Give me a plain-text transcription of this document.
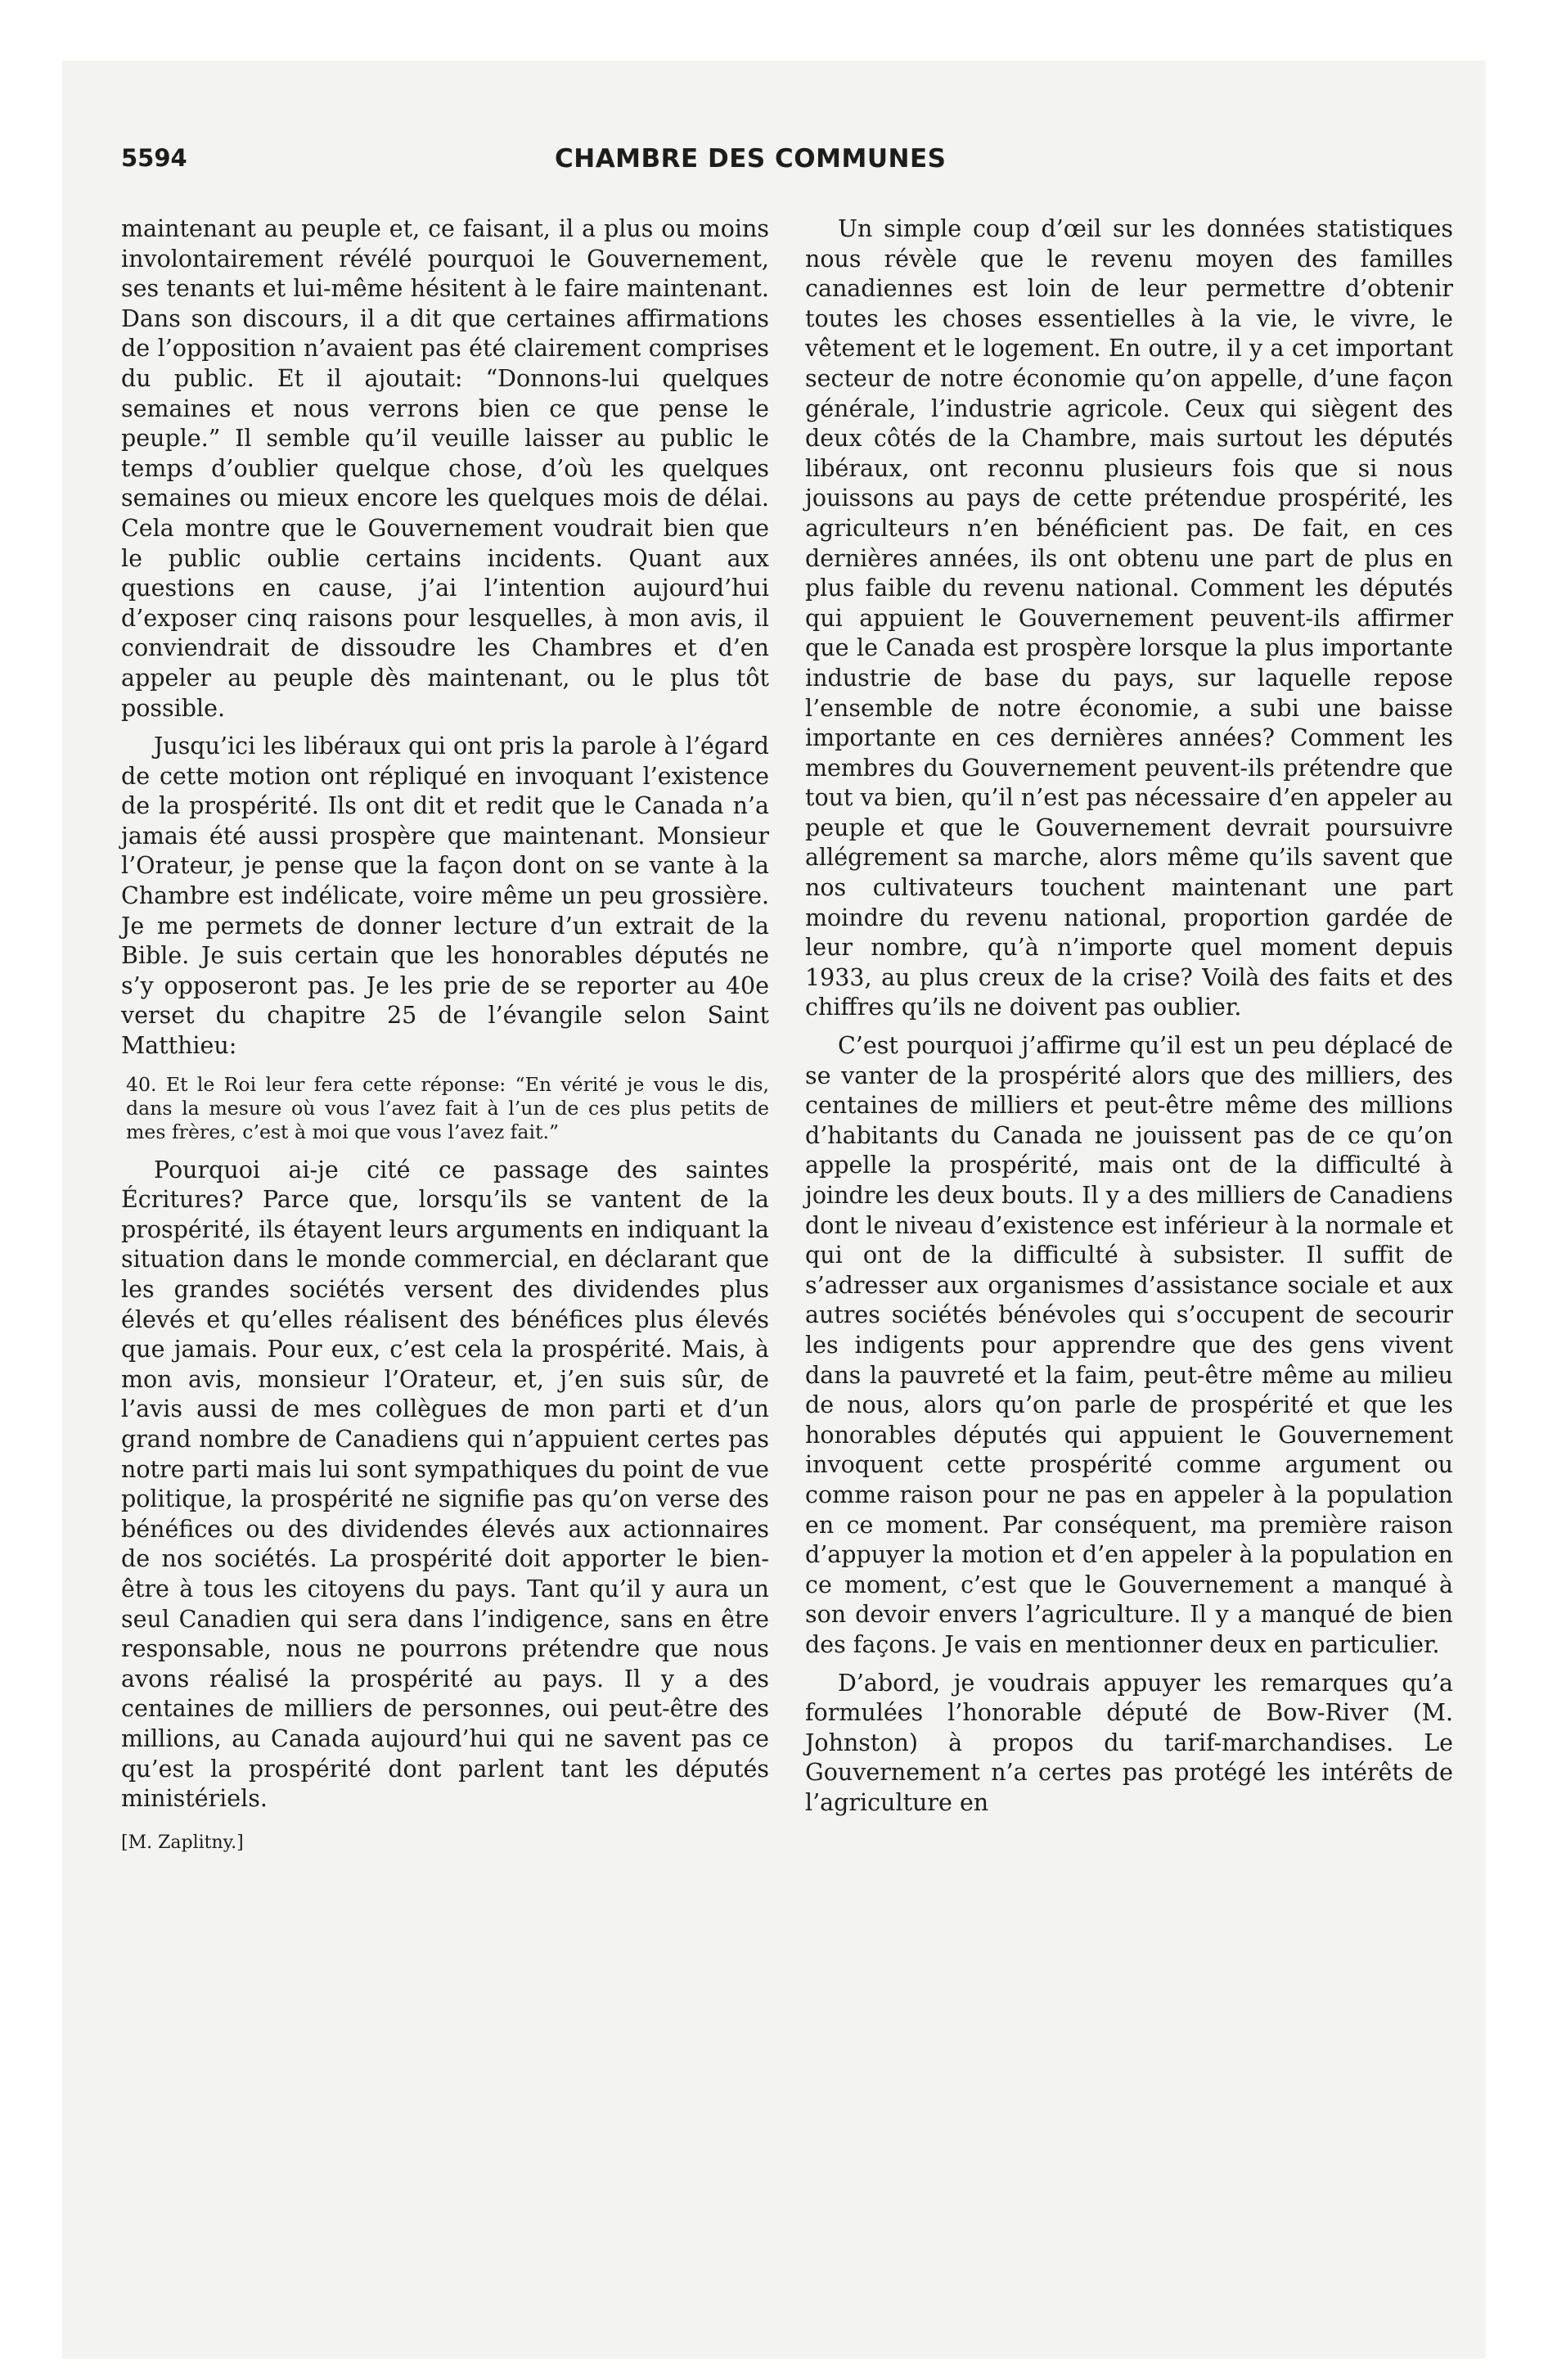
5594	CHAMBRE DES COMMUNES

maintenant au peuple et, ce faisant, il a plus ou moins involontairement révélé pourquoi le Gouvernement, ses tenants et lui-même hésitent à le faire maintenant. Dans son discours, il a dit que certaines affirmations de l’opposition n’avaient pas été clairement comprises du public. Et il ajoutait: “Donnons-lui quelques semaines et nous verrons bien ce que pense le peuple.” Il semble qu’il veuille laisser au public le temps d’oublier quelque chose, d’où les quelques semaines ou mieux encore les quelques mois de délai. Cela montre que le Gouvernement voudrait bien que le public oublie certains incidents. Quant aux questions en cause, j’ai l’intention aujourd’hui d’exposer cinq raisons pour lesquelles, à mon avis, il conviendrait de dissoudre les Chambres et d’en appeler au peuple dès maintenant, ou le plus tôt possible.

Jusqu’ici les libéraux qui ont pris la parole à l’égard de cette motion ont répliqué en invoquant l’existence de la prospérité. Ils ont dit et redit que le Canada n’a jamais été aussi prospère que maintenant. Monsieur l’Orateur, je pense que la façon dont on se vante à la Chambre est indélicate, voire même un peu grossière. Je me permets de donner lecture d’un extrait de la Bible. Je suis certain que les honorables députés ne s’y opposeront pas. Je les prie de se reporter au 40e verset du chapitre 25 de l’évangile selon Saint Matthieu:

40. Et le Roi leur fera cette réponse: “En vérité je vous le dis, dans la mesure où vous l’avez fait à l’un de ces plus petits de mes frères, c’est à moi que vous l’avez fait.”

Pourquoi ai-je cité ce passage des saintes Écritures? Parce que, lorsqu’ils se vantent de la prospérité, ils étayent leurs arguments en indiquant la situation dans le monde commercial, en déclarant que les grandes sociétés versent des dividendes plus élevés et qu’elles réalisent des bénéfices plus élevés que jamais. Pour eux, c’est cela la prospérité. Mais, à mon avis, monsieur l’Orateur, et, j’en suis sûr, de l’avis aussi de mes collègues de mon parti et d’un grand nombre de Canadiens qui n’appuient certes pas notre parti mais lui sont sympathiques du point de vue politique, la prospérité ne signifie pas qu’on verse des bénéfices ou des dividendes élevés aux actionnaires de nos sociétés. La prospérité doit apporter le bien-être à tous les citoyens du pays. Tant qu’il y aura un seul Canadien qui sera dans l’indigence, sans en être responsable, nous ne pourrons prétendre que nous avons réalisé la prospérité au pays. Il y a des centaines de milliers de personnes, oui peut-être des millions, au Canada aujourd’hui qui ne savent pas ce qu’est la prospérité dont parlent tant les députés ministériels.

[M. Zaplitny.]

Un simple coup d’œil sur les données statistiques nous révèle que le revenu moyen des familles canadiennes est loin de leur permettre d’obtenir toutes les choses essentielles à la vie, le vivre, le vêtement et le logement. En outre, il y a cet important secteur de notre économie qu’on appelle, d’une façon générale, l’industrie agricole. Ceux qui siègent des deux côtés de la Chambre, mais surtout les députés libéraux, ont reconnu plusieurs fois que si nous jouissons au pays de cette prétendue prospérité, les agriculteurs n’en bénéficient pas. De fait, en ces dernières années, ils ont obtenu une part de plus en plus faible du revenu national. Comment les députés qui appuient le Gouvernement peuvent-ils affirmer que le Canada est prospère lorsque la plus importante industrie de base du pays, sur laquelle repose l’ensemble de notre économie, a subi une baisse importante en ces dernières années? Comment les membres du Gouvernement peuvent-ils prétendre que tout va bien, qu’il n’est pas nécessaire d’en appeler au peuple et que le Gouvernement devrait poursuivre allégrement sa marche, alors même qu’ils savent que nos cultivateurs touchent maintenant une part moindre du revenu national, proportion gardée de leur nombre, qu’à n’importe quel moment depuis 1933, au plus creux de la crise? Voilà des faits et des chiffres qu’ils ne doivent pas oublier.

C’est pourquoi j’affirme qu’il est un peu déplacé de se vanter de la prospérité alors que des milliers, des centaines de milliers et peut-être même des millions d’habitants du Canada ne jouissent pas de ce qu’on appelle la prospérité, mais ont de la difficulté à joindre les deux bouts. Il y a des milliers de Canadiens dont le niveau d’existence est inférieur à la normale et qui ont de la difficulté à subsister. Il suffit de s’adresser aux organismes d’assistance sociale et aux autres sociétés bénévoles qui s’occupent de secourir les indigents pour apprendre que des gens vivent dans la pauvreté et la faim, peut-être même au milieu de nous, alors qu’on parle de prospérité et que les honorables députés qui appuient le Gouvernement invoquent cette prospérité comme argument ou comme raison pour ne pas en appeler à la population en ce moment. Par conséquent, ma première raison d’appuyer la motion et d’en appeler à la population en ce moment, c’est que le Gouvernement a manqué à son devoir envers l’agriculture. Il y a manqué de bien des façons. Je vais en mentionner deux en particulier.

D’abord, je voudrais appuyer les remarques qu’a formulées l’honorable député de Bow-River (M. Johnston) à propos du tarif-marchandises. Le Gouvernement n’a certes pas protégé les intérêts de l’agriculture en
